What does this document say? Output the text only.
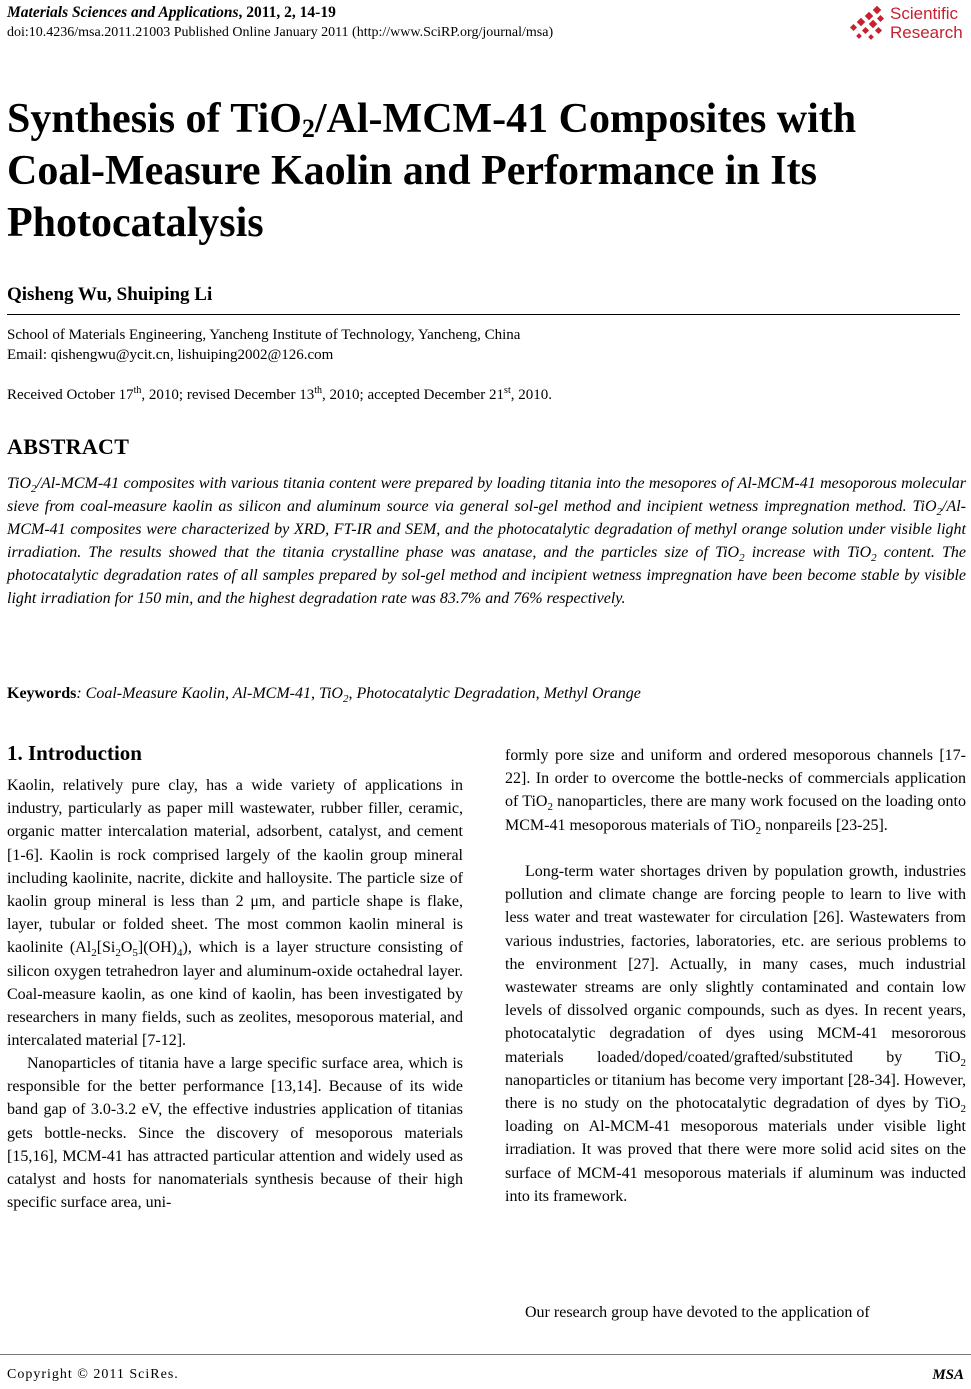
Materials Sciences and Applications, 2011, 2, 14-19
doi:10.4236/msa.2011.21003 Published Online January 2011 (http://www.SciRP.org/journal/msa)
Scientific
Research
Synthesis of TiO$_2$/Al-MCM-41 Composites with Coal-Measure Kaolin and Performance in Its Photocatalysis
Qisheng Wu, Shuiping Li
School of Materials Engineering, Yancheng Institute of Technology, Yancheng, China
Email: qishengwu@ycit.cn, lishuiping2002@126.com
Received October 17th, 2010; revised December 13th, 2010; accepted December 21st, 2010.
ABSTRACT
TiO$_2$/Al-MCM-41 composites with various titania content were prepared by loading titania into the mesopores of Al-MCM-41 mesoporous molecular sieve from coal-measure kaolin as silicon and aluminum source via general sol-gel method and incipient wetness impregnation method. TiO$_2$/Al-MCM-41 composites were characterized by XRD, FT-IR and SEM, and the photocatalytic degradation of methyl orange solution under visible light irradiation. The results showed that the titania crystalline phase was anatase, and the particles size of TiO$_2$ increase with TiO$_2$ content. The photocatalytic degradation rates of all samples prepared by sol-gel method and incipient wetness impregnation have been become stable by visible light irradiation for 150 min, and the highest degradation rate was 83.7% and 76% respectively.
Keywords: Coal-Measure Kaolin, Al-MCM-41, TiO$_2$, Photocatalytic Degradation, Methyl Orange
1. Introduction

Kaolin, relatively pure clay, has a wide variety of applications in industry, particularly as paper mill wastewater, rubber filler, ceramic, organic matter intercalation material, adsorbent, catalyst, and cement [1-6]. Kaolin is rock comprised largely of the kaolin group mineral including kaolinite, nacrite, dickite and halloysite. The particle size of kaolin group mineral is less than 2 μm, and particle shape is flake, layer, tubular or folded sheet. The most common kaolin mineral is kaolinite $(Al_2[Si_2O_5](OH)_4)$, which is a layer structure consisting of silicon oxygen tetrahedron layer and aluminum-oxide octahedral layer. Coal-measure kaolin, as one kind of kaolin, has been investigated by researchers in many fields, such as zeolites, mesoporous material, and intercalated material [7-12].

Nanoparticles of titania have a large specific surface area, which is responsible for the better performance [13,14]. Because of its wide band gap of 3.0-3.2 eV, the effective industries application of titanias gets bottle-necks. Since the discovery of mesoporous materials [15,16], MCM-41 has attracted particular attention and widely used as catalyst and hosts for nanomaterials synthesis because of their high specific surface area, uni-

formly pore size and uniform and ordered mesoporous channels [17-22]. In order to overcome the bottle-necks of commercials application of TiO$_2$ nanoparticles, there are many work focused on the loading onto MCM-41 mesoporous materials of TiO$_2$ nonpareils [23-25].

Long-term water shortages driven by population growth, industries pollution and climate change are forcing people to learn to live with less water and treat wastewater for circulation [26]. Wastewaters from various industries, factories, laboratories, etc. are serious problems to the environment [27]. Actually, in many cases, much industrial wastewater streams are only slightly contaminated and contain low levels of dissolved organic compounds, such as dyes. In recent years, photocatalytic degradation of dyes using MCM-41 mesororous materials loaded/doped/coated/grafted/substituted by TiO$_2$ nanoparticles or titanium has become very important [28-34]. However, there is no study on the photocatalytic degradation of dyes by TiO$_2$ loading on Al-MCM-41 mesoporous materials under visible light irradiation. It was proved that there were more solid acid sites on the surface of MCM-41 mesoporous materials if aluminum was inducted into its framework.

Our research group have devoted to the application of

Copyright © 2011 SciRes.	MSA
